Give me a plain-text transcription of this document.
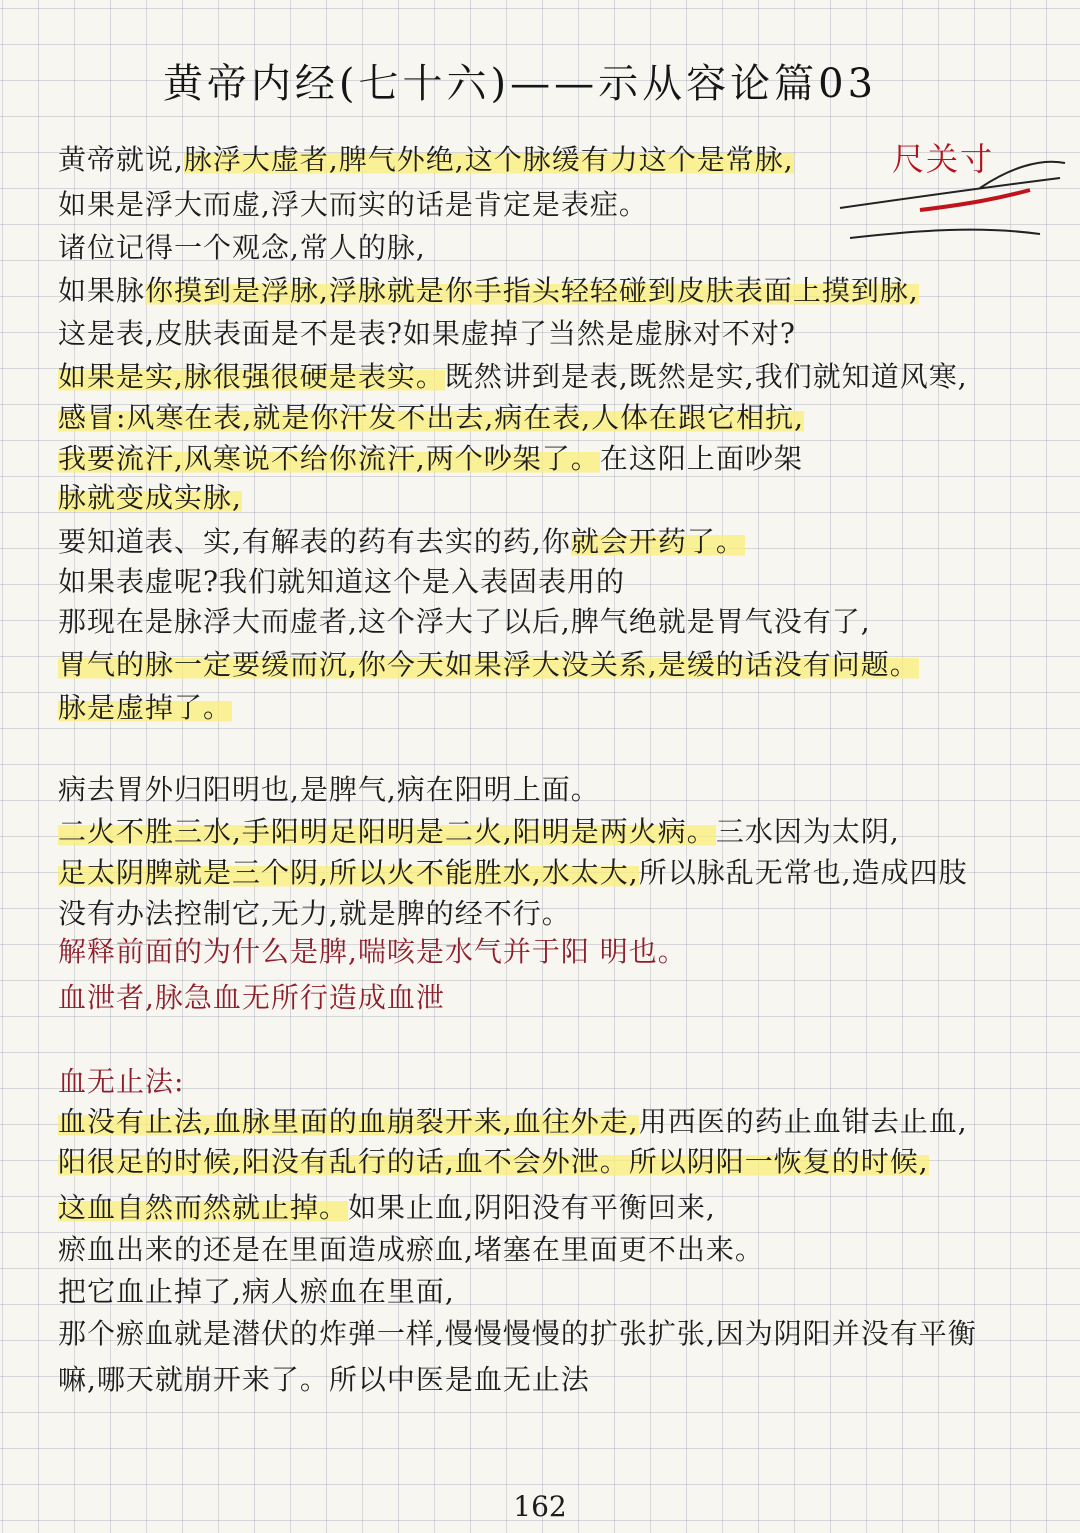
黄帝内经(七十六)——示从容论篇03
尺关寸
黄帝就说,脉浮大虚者,脾气外绝,这个脉缓有力这个是常脉,
如果是浮大而虚,浮大而实的话是肯定是表症。
诸位记得一个观念,常人的脉,
如果脉你摸到是浮脉,浮脉就是你手指头轻轻碰到皮肤表面上摸到脉,
这是表,皮肤表面是不是表?如果虚掉了当然是虚脉对不对?
如果是实,脉很强很硬是表实。既然讲到是表,既然是实,我们就知道风寒,
感冒:风寒在表,就是你汗发不出去,病在表,人体在跟它相抗,
我要流汗,风寒说不给你流汗,两个吵架了。在这阳上面吵架
脉就变成实脉,
要知道表、实,有解表的药有去实的药,你就会开药了。
如果表虚呢?我们就知道这个是入表固表用的
那现在是脉浮大而虚者,这个浮大了以后,脾气绝就是胃气没有了,
胃气的脉一定要缓而沉,你今天如果浮大没关系,是缓的话没有问题。
脉是虚掉了。
病去胃外归阳明也,是脾气,病在阳明上面。
二火不胜三水,手阳明足阳明是二火,阳明是两火病。三水因为太阴,
足太阴脾就是三个阴,所以火不能胜水,水太大,所以脉乱无常也,造成四肢
没有办法控制它,无力,就是脾的经不行。
解释前面的为什么是脾,喘咳是水气并于阳 明也。
血泄者,脉急血无所行造成血泄
血无止法:
血没有止法,血脉里面的血崩裂开来,血往外走,用西医的药止血钳去止血,
阳很足的时候,阳没有乱行的话,血不会外泄。所以阴阳一恢复的时候,
这血自然而然就止掉。如果止血,阴阳没有平衡回来,
瘀血出来的还是在里面造成瘀血,堵塞在里面更不出来。
把它血止掉了,病人瘀血在里面,
那个瘀血就是潜伏的炸弹一样,慢慢慢慢的扩张扩张,因为阴阳并没有平衡
嘛,哪天就崩开来了。所以中医是血无止法
162
